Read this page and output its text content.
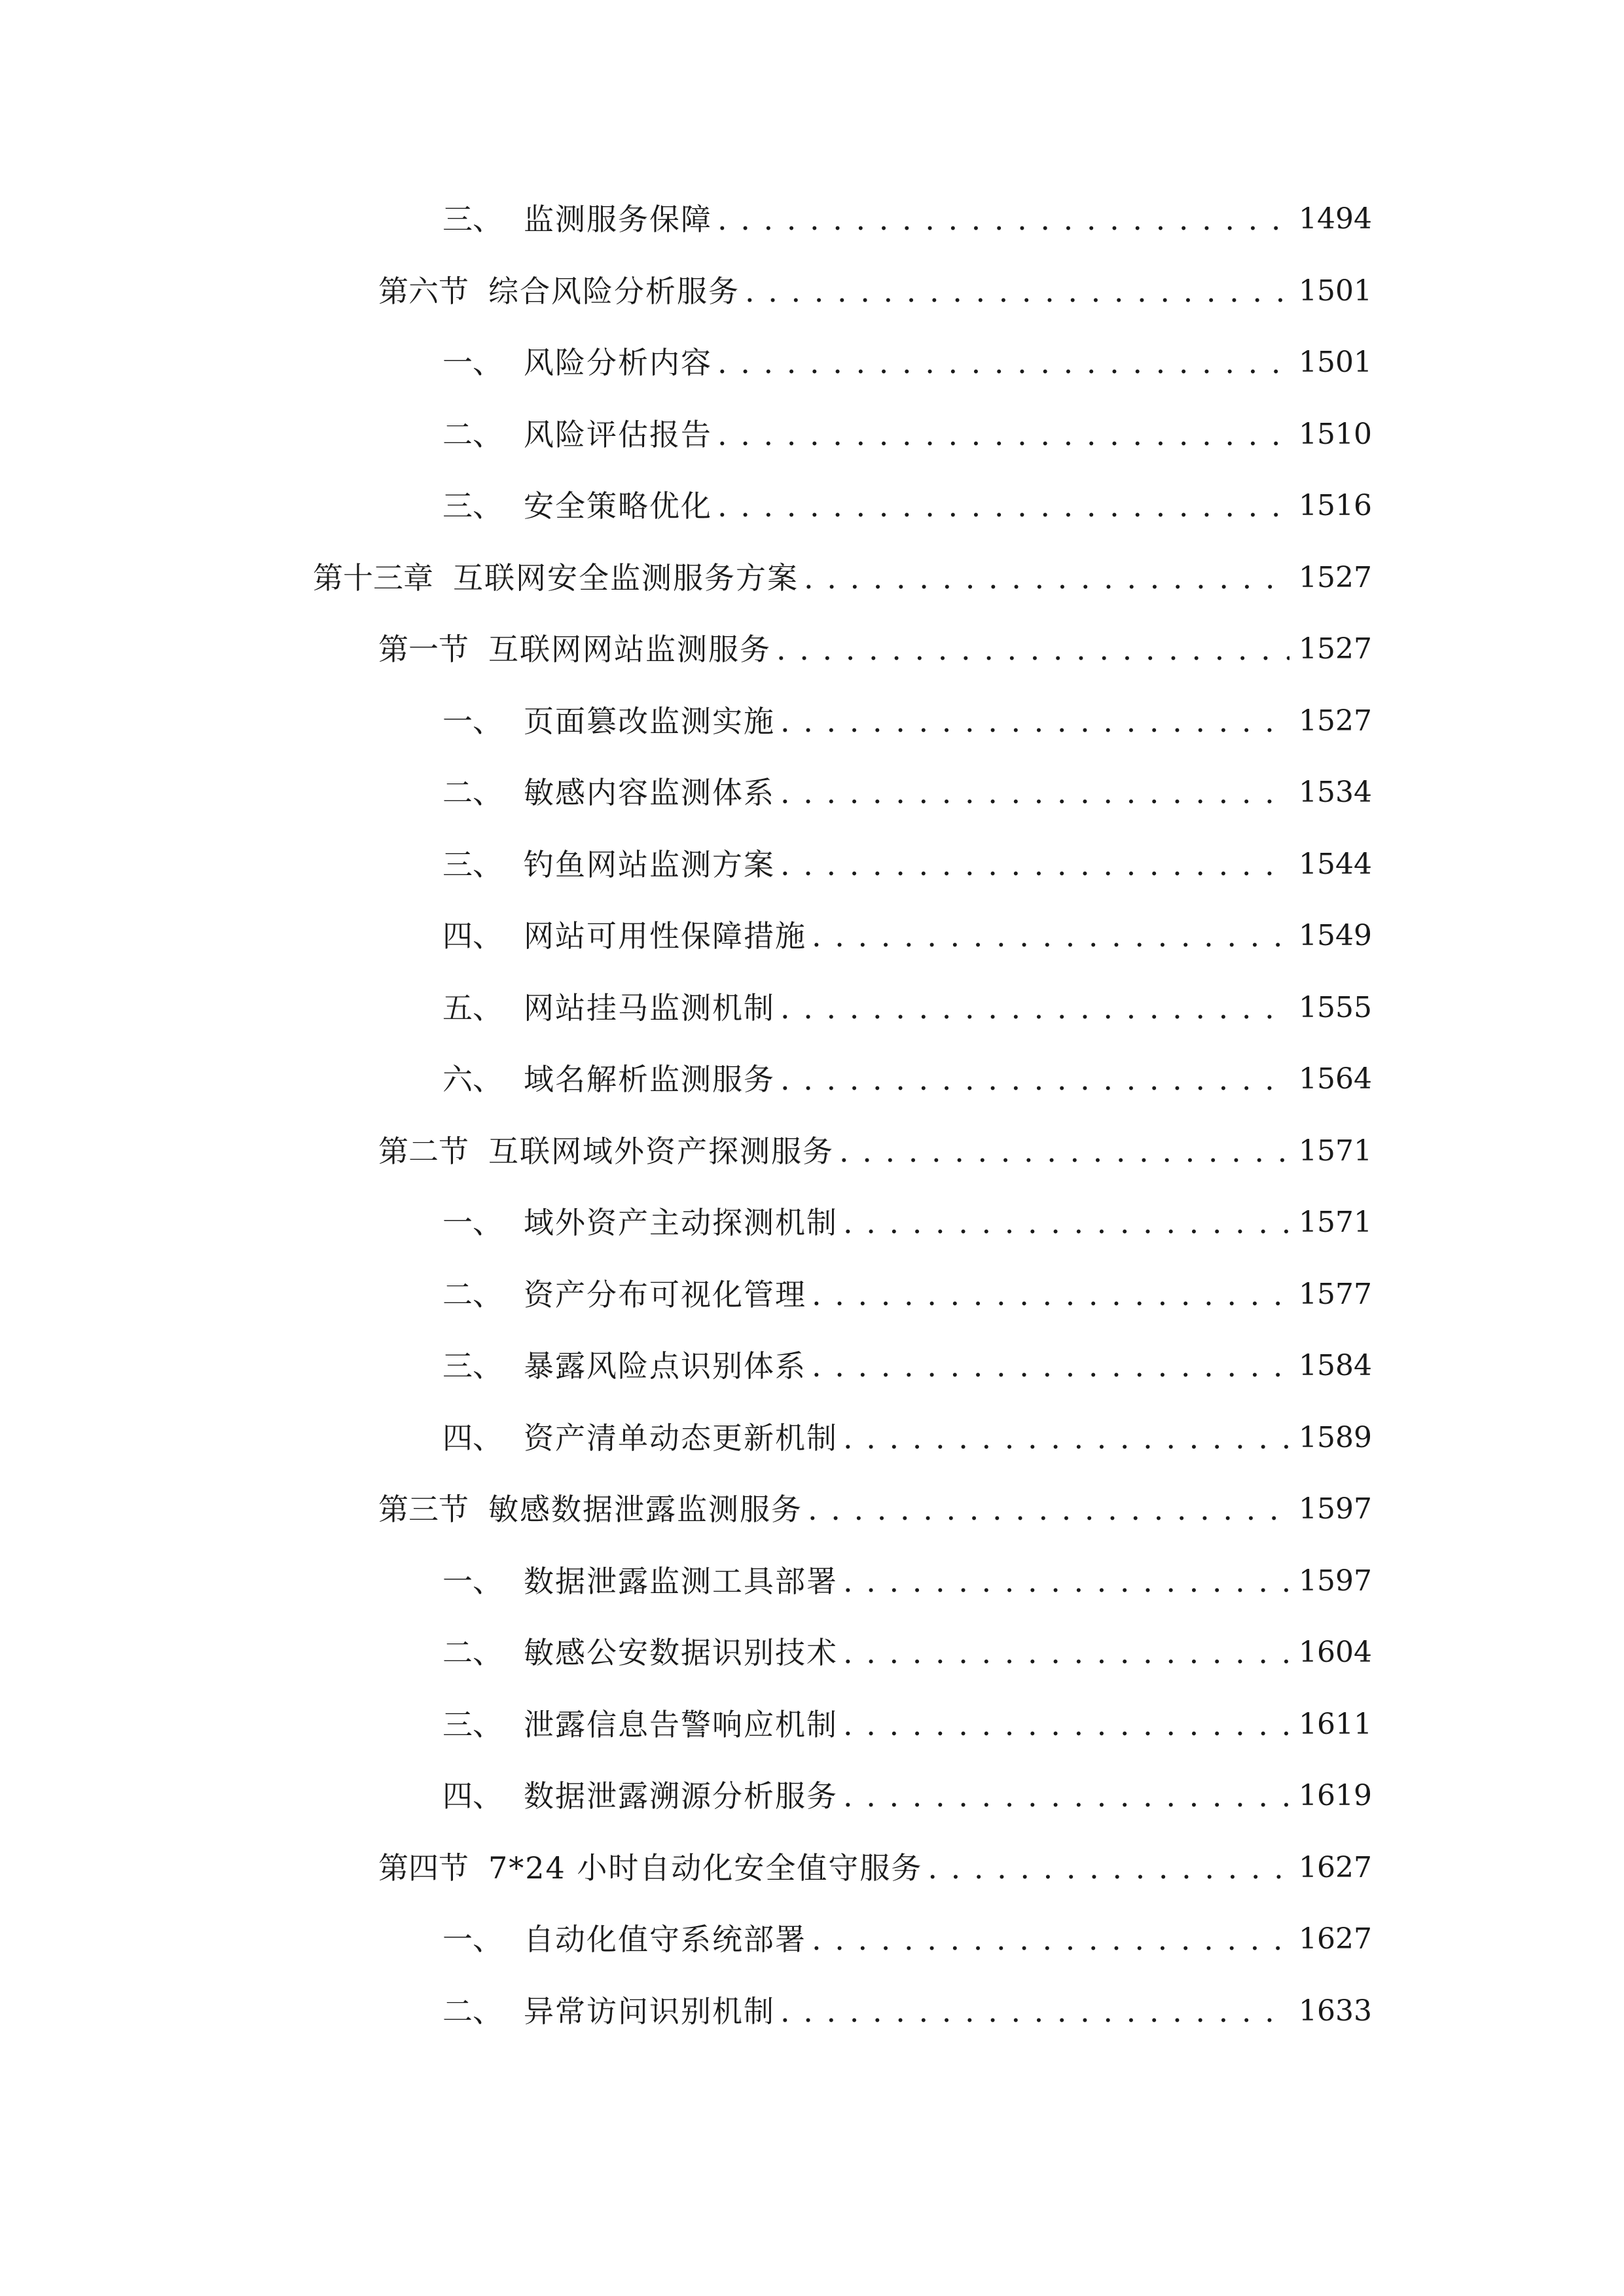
三、 监测服务保障 . . .	1494
第六节 综合风险分析服务 . . .	1501
一、 风险分析内容 . . .	1501
二、 风险评估报告 . . .	1510
三、 安全策略优化 . . .	1516
第十三章 互联网安全监测服务方案 . . .	1527
第一节 互联网网站监测服务 . . .	1527
一、 页面篡改监测实施 . . .	1527
二、 敏感内容监测体系 . . .	1534
三、 钓鱼网站监测方案 . . .	1544
四、 网站可用性保障措施 . . .	1549
五、 网站挂马监测机制 . . .	1555
六、 域名解析监测服务 . . .	1564
第二节 互联网域外资产探测服务 . . .	1571
一、 域外资产主动探测机制 . . .	1571
二、 资产分布可视化管理 . . .	1577
三、 暴露风险点识别体系 . . .	1584
四、 资产清单动态更新机制 . . .	1589
第三节 敏感数据泄露监测服务 . . .	1597
一、 数据泄露监测工具部署 . . .	1597
二、 敏感公安数据识别技术 . . .	1604
三、 泄露信息告警响应机制 . . .	1611
四、 数据泄露溯源分析服务 . . .	1619
第四节 7*24 小时自动化安全值守服务 . . .	1627
一、 自动化值守系统部署 . . .	1627
二、 异常访问识别机制 . . .	1633
